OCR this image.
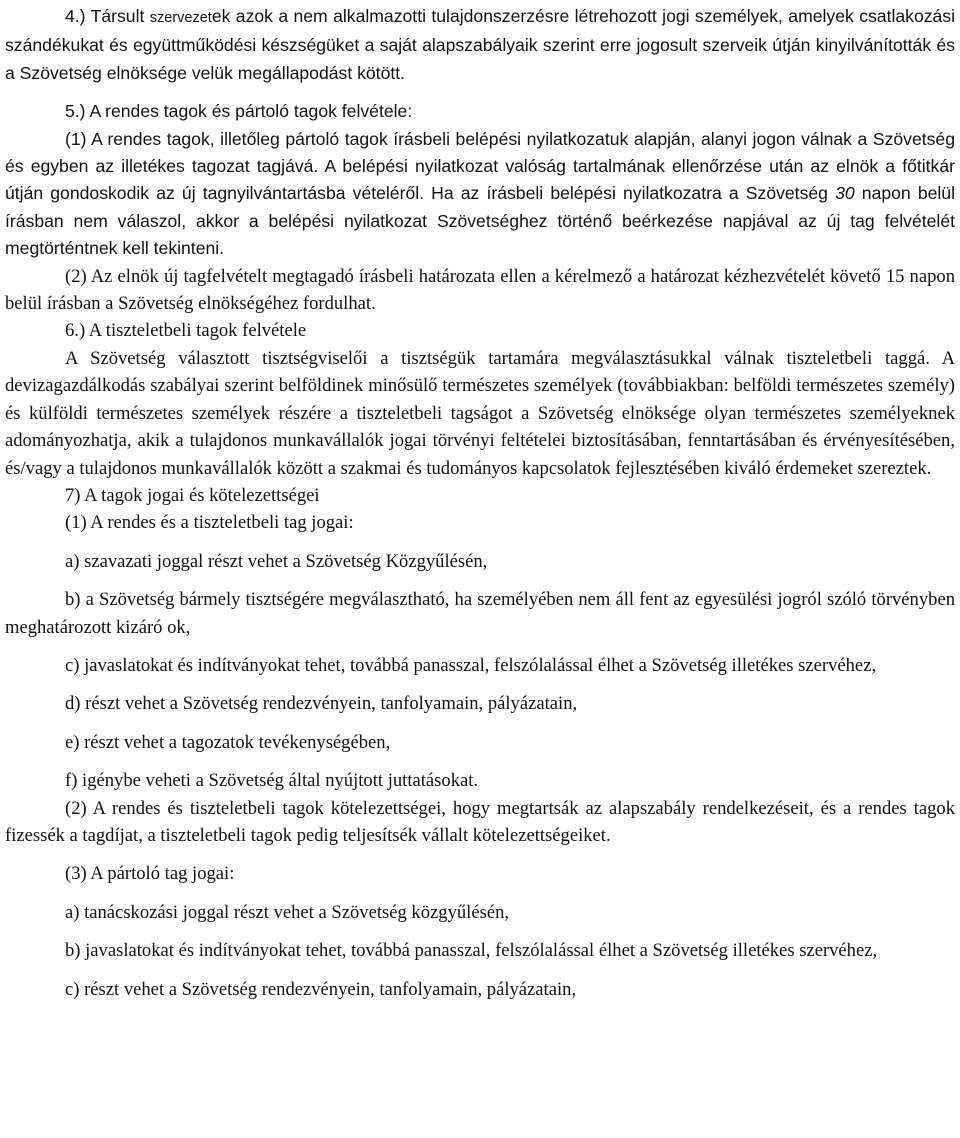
4.) Társult szervezetek azok a nem alkalmazotti tulajdonszerzésre létrehozott jogi személyek, amelyek csatlakozási szándékukat és együttműködési készségüket a saját alapszabályaik szerint erre jogosult szerveik útján kinyilvánították és a Szövetség elnöksége velük megállapodást kötött.

5.) A rendes tagok és pártoló tagok felvétele:

(1) A rendes tagok, illetőleg pártoló tagok írásbeli belépési nyilatkozatuk alapján, alanyi jogon válnak a Szövetség és egyben az illetékes tagozat tagjává. A belépési nyilatkozat valóság tartalmának ellenőrzése után az elnök a főtitkár útján gondoskodik az új tagnyilvántartásba vételéről. Ha az írásbeli belépési nyilatkozatra a Szövetség 30 napon belül írásban nem válaszol, akkor a belépési nyilatkozat Szövetséghez történő beérkezése napjával az új tag felvételét megtörténtnek kell tekinteni.

(2) Az elnök új tagfelvételt megtagadó írásbeli határozata ellen a kérelmező a határozat kézhezvételét követő 15 napon belül írásban a Szövetség elnökségéhez fordulhat.

6.) A tiszteletbeli tagok felvétele

A Szövetség választott tisztségviselői a tisztségük tartamára megválasztásukkal válnak tiszteletbeli taggá. A devizagazdálkodás szabályai szerint belföldinek minősülő természetes személyek (továbbiakban: belföldi természetes személy) és külföldi természetes személyek részére a tiszteletbeli tagságot a Szövetség elnöksége olyan természetes személyeknek adományozhatja, akik a tulajdonos munkavállalók jogai törvényi feltételei biztosításában, fenntartásában és érvényesítésében, és/vagy a tulajdonos munkavállalók között a szakmai és tudományos kapcsolatok fejlesztésében kiváló érdemeket szereztek.

7) A tagok jogai és kötelezettségei

(1) A rendes és a tiszteletbeli tag jogai:

a) szavazati joggal részt vehet a Szövetség Közgyűlésén,

b) a Szövetség bármely tisztségére megválasztható, ha személyében nem áll fent az egyesülési jogról szóló törvényben meghatározott kizáró ok,

c) javaslatokat és indítványokat tehet, továbbá panasszal, felszólalással élhet a Szövetség illetékes szervéhez,

d) részt vehet a Szövetség rendezvényein, tanfolyamain, pályázatain,

e) részt vehet a tagozatok tevékenységében,

f) igénybe veheti a Szövetség által nyújtott juttatásokat.

(2) A rendes és tiszteletbeli tagok kötelezettségei, hogy megtartsák az alapszabály rendelkezéseit, és a rendes tagok fizessék a tagdíjat, a tiszteletbeli tagok pedig teljesítsék vállalt kötelezettségeiket.

(3) A pártoló tag jogai:

a) tanácskozási joggal részt vehet a Szövetség közgyűlésén,

b) javaslatokat és indítványokat tehet, továbbá panasszal, felszólalással élhet a Szövetség illetékes szervéhez,

c) részt vehet a Szövetség rendezvényein, tanfolyamain, pályázatain,
